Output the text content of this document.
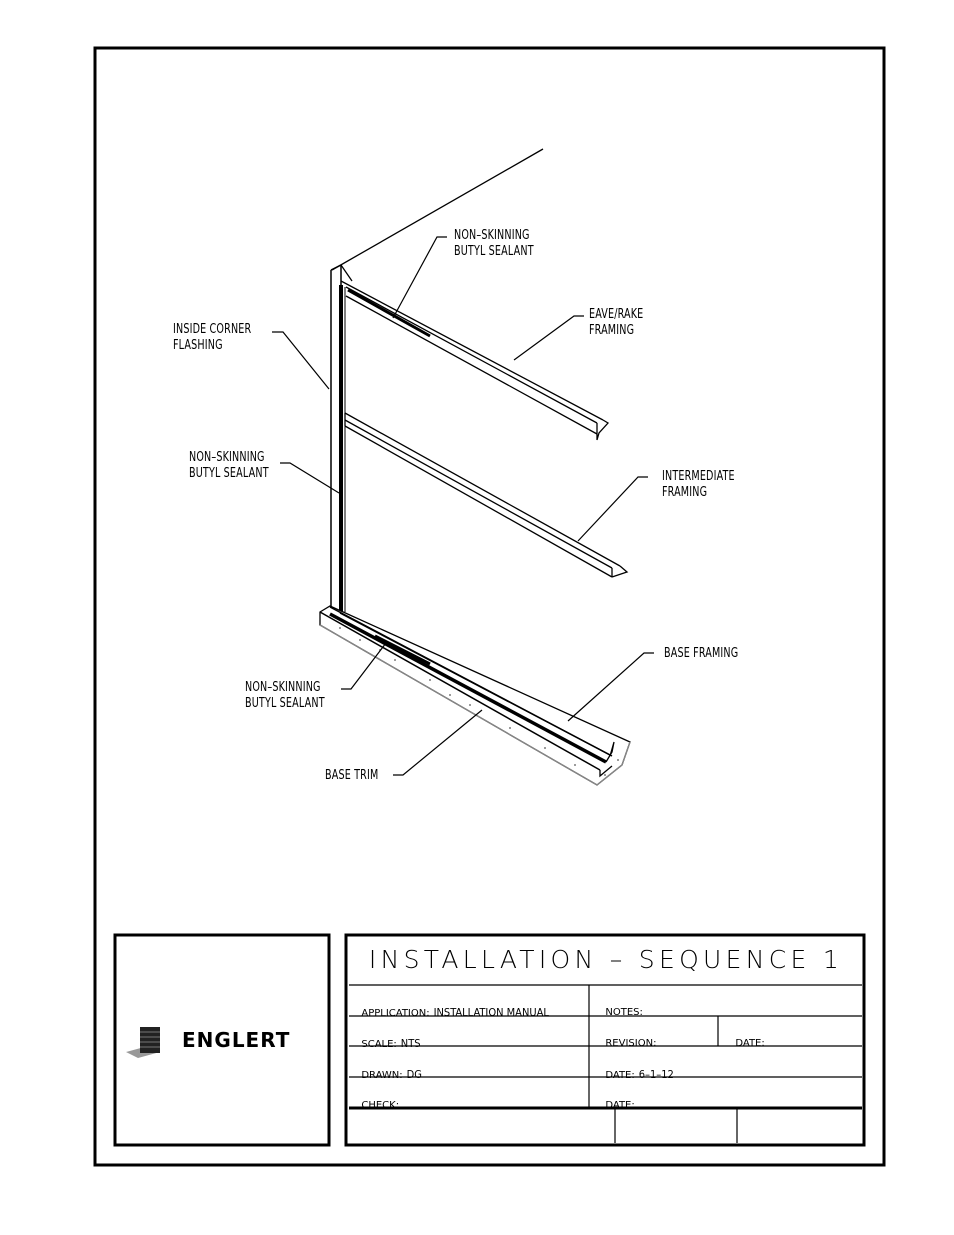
NON–SKINNING
BUTYL SEALANT
EAVE/RAKE
FRAMING
INSIDE CORNER
FLASHING
NON–SKINNING
BUTYL SEALANT	INTERMEDIATE
FRAMING
BASE FRAMING
NON–SKINNING
BUTYL SEALANT
BASE TRIM
ENGLERT
INSTALLATION – SEQUENCE 1

APPLICATION: INSTALLATION MANUAL	NOTES:

SCALE: NTS	REVISION:	DATE:

DRAWN: DG	DATE: 6–1–12

CHECK:	DATE:
